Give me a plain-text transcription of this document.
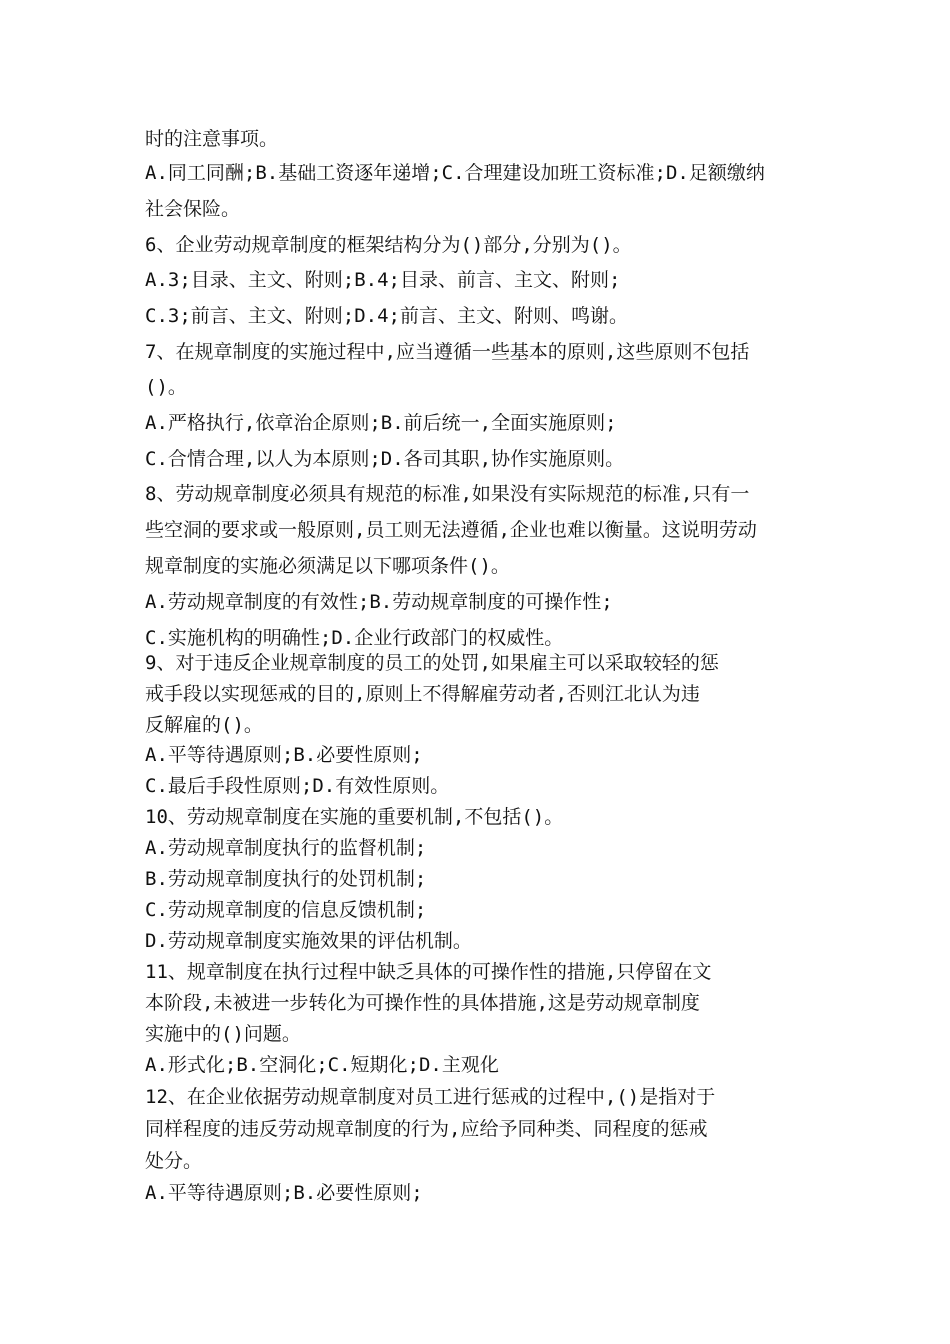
时的注意事项。
A.同工同酬;B.基础工资逐年递增;C.合理建设加班工资标准;D.足额缴纳
社会保险。
6、企业劳动规章制度的框架结构分为()部分,分别为()。
A.3;目录、主文、附则;B.4;目录、前言、主文、附则;
C.3;前言、主文、附则;D.4;前言、主文、附则、鸣谢。
7、在规章制度的实施过程中,应当遵循一些基本的原则,这些原则不包括
()。
A.严格执行,依章治企原则;B.前后统一,全面实施原则;
C.合情合理,以人为本原则;D.各司其职,协作实施原则。
8、劳动规章制度必须具有规范的标准,如果没有实际规范的标准,只有一
些空洞的要求或一般原则,员工则无法遵循,企业也难以衡量。这说明劳动
规章制度的实施必须满足以下哪项条件()。
A.劳动规章制度的有效性;B.劳动规章制度的可操作性;
C.实施机构的明确性;D.企业行政部门的权威性。
9、对于违反企业规章制度的员工的处罚,如果雇主可以采取较轻的惩
戒手段以实现惩戒的目的,原则上不得解雇劳动者,否则江北认为违
反解雇的()。
A.平等待遇原则;B.必要性原则;
C.最后手段性原则;D.有效性原则。
10、劳动规章制度在实施的重要机制,不包括()。
A.劳动规章制度执行的监督机制;
B.劳动规章制度执行的处罚机制;
C.劳动规章制度的信息反馈机制;
D.劳动规章制度实施效果的评估机制。
11、规章制度在执行过程中缺乏具体的可操作性的措施,只停留在文
本阶段,未被进一步转化为可操作性的具体措施,这是劳动规章制度
实施中的()问题。
A.形式化;B.空洞化;C.短期化;D.主观化
12、在企业依据劳动规章制度对员工进行惩戒的过程中,()是指对于
同样程度的违反劳动规章制度的行为,应给予同种类、同程度的惩戒
处分。
A.平等待遇原则;B.必要性原则;
